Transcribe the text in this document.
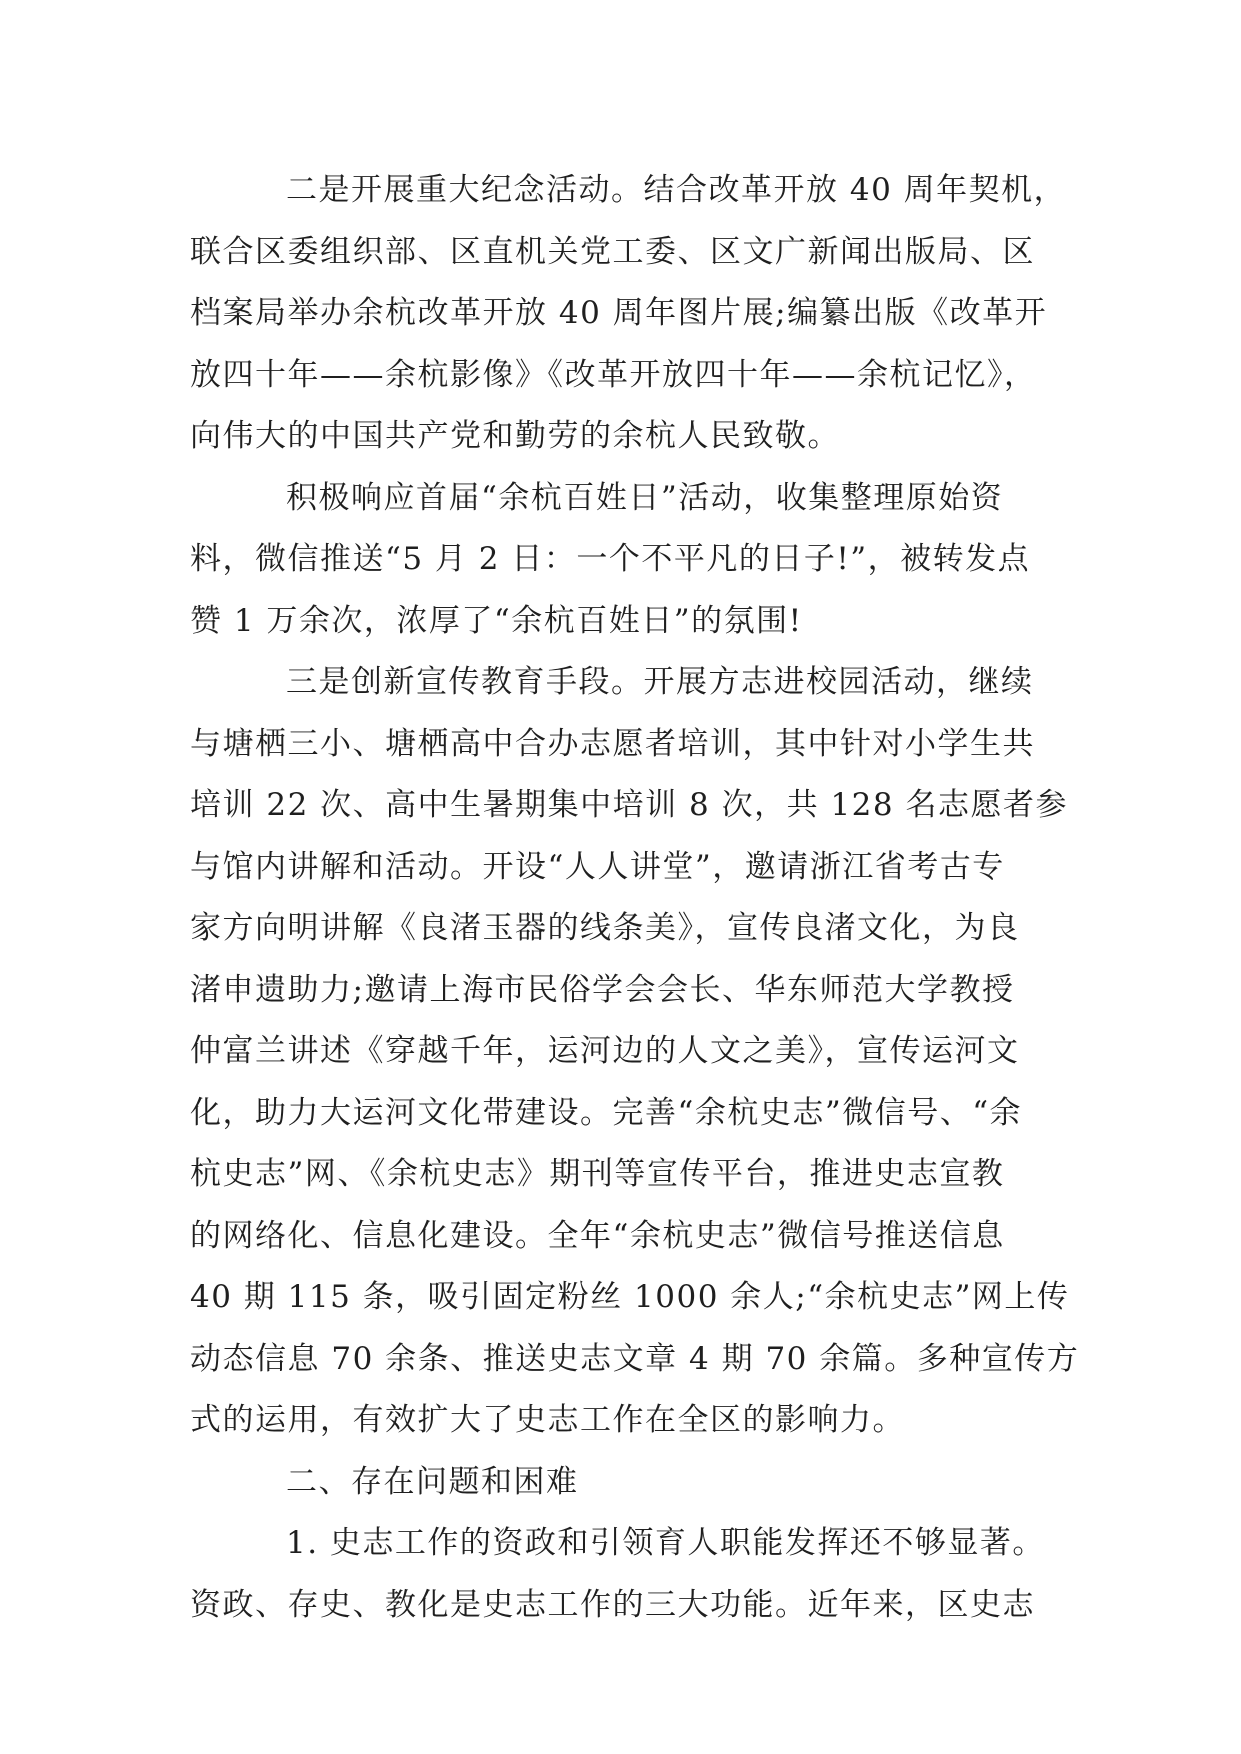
二是开展重大纪念活动。结合改革开放 40 周年契机，
联合区委组织部、区直机关党工委、区文广新闻出版局、区
档案局举办余杭改革开放 40 周年图片展;编纂出版《改革开
放四十年——余杭影像》《改革开放四十年——余杭记忆》，
向伟大的中国共产党和勤劳的余杭人民致敬。
积极响应首届“余杭百姓日”活动，收集整理原始资
料，微信推送“5 月 2 日：一个不平凡的日子!”，被转发点
赞 1 万余次，浓厚了“余杭百姓日”的氛围!
三是创新宣传教育手段。开展方志进校园活动，继续
与塘栖三小、塘栖高中合办志愿者培训，其中针对小学生共
培训 22 次、高中生暑期集中培训 8 次，共 128 名志愿者参
与馆内讲解和活动。开设“人人讲堂”，邀请浙江省考古专
家方向明讲解《良渚玉器的线条美》，宣传良渚文化，为良
渚申遗助力;邀请上海市民俗学会会长、华东师范大学教授
仲富兰讲述《穿越千年，运河边的人文之美》，宣传运河文
化，助力大运河文化带建设。完善“余杭史志”微信号、“余
杭史志”网、《余杭史志》期刊等宣传平台，推进史志宣教
的网络化、信息化建设。全年“余杭史志”微信号推送信息
40 期 115 条，吸引固定粉丝 1000 余人;“余杭史志”网上传
动态信息 70 余条、推送史志文章 4 期 70 余篇。多种宣传方
式的运用，有效扩大了史志工作在全区的影响力。
二、存在问题和困难
1. 史志工作的资政和引领育人职能发挥还不够显著。
资政、存史、教化是史志工作的三大功能。近年来，区史志
